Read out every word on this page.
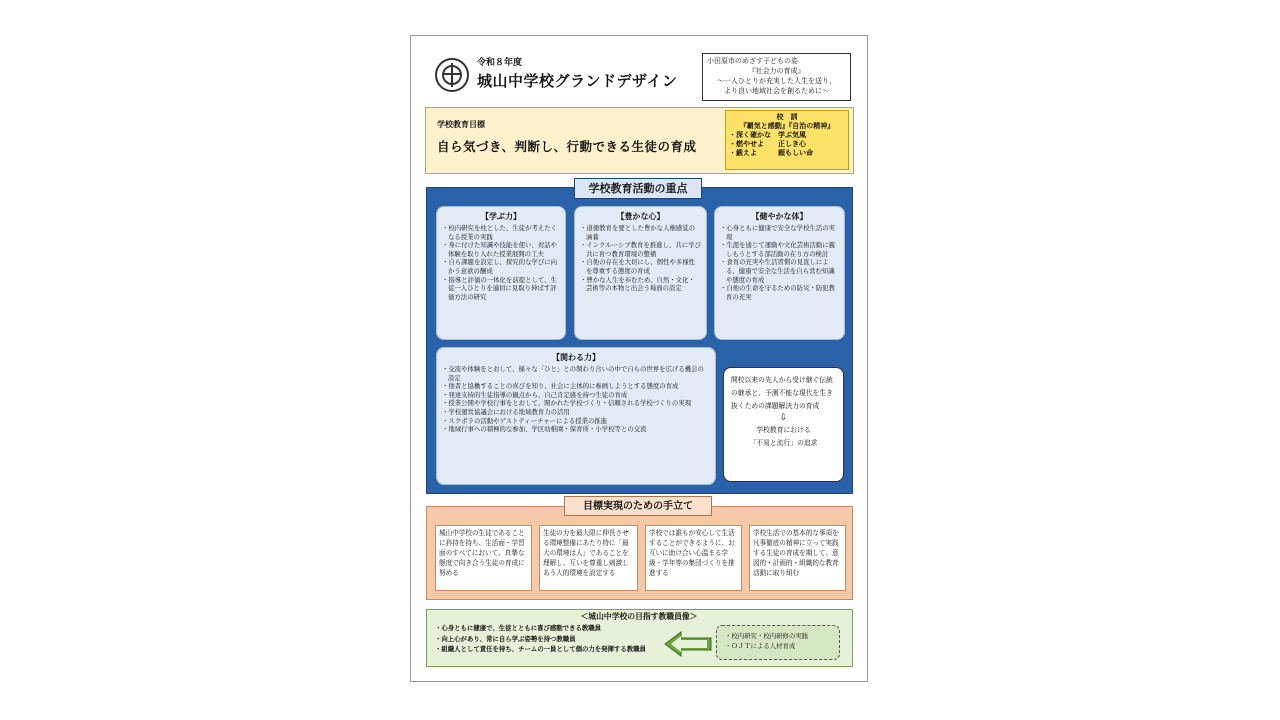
令和８年度
城山中学校グランドデザイン
小田原市のめざす子どもの姿
『社会力の育成』
～一人ひとりが充実した人生を送り、
より良い地域社会を創るために～
学校教育目標
自ら気づき、判断し、行動できる生徒の育成
校　訓
『覇気と感動』『自治の精神』
・深く確かな　学ぶ気風
・燃やせよ　　正しき心
・鍛えよ　　　頼もしい命
学校教育活動の重点
【学ぶ力】
・校内研究を柱とした、生徒が考えたくなる授業の実践
・身に付けた知識や技能を使い、対話や体験を取り入れた授業展開の工夫
・自ら課題を設定し、探究的な学びに向かう意欲の醸成
・指導と評価の一体化を前提として、生徒一人ひとりを適切に見取り伸ばす評価方法の研究
【豊かな心】
・道徳教育を要とした豊かな人権感覚の涵養
・インクルーシブ教育を推進し、共に学び共に育つ教育環境の整備
・自他の存在を大切にし、個性や多様性を尊重する態度の育成
・豊かな人生を歩むため、自然・文化・芸術等の本物と出会う場面の設定
【健やかな体】
・心身ともに健康で安全な学校生活の実現
・生涯を通じて運動や文化芸術活動に親しもうとする部活動の在り方の検討
・食育の充実や生活習慣の見直しによる、健康で安全な生活を自ら営む知識や態度の育成
・自他の生命を守るための防災・防犯教育の充実
【関わる力】
・交流や体験をとおして、様々な「ひと」との関わり合いの中で自らの世界を広げる機会の設定
・他者と協働することの喜びを知り、社会に主体的に参画しようとする態度の育成
・発達支持的生徒指導の観点から、自己肯定感を持つ生徒の育成
・授業公開や学校行事をとおして、開かれた学校づくり・信頼される学校づくりの実現
・学校運営協議会における地域教育力の活用
・スクポラの活動やゲストティーチャーによる授業の推進
・地域行事への積極的な参加、学区幼稚園・保育所・小学校等との交流
開校以来の先人から受け継ぐ伝統の継承と、予測不能な現代を生き抜くための課題解決力の育成
⇩
学校教育における
「不易と流行」の追求
目標実現のための手立て
城山中学校の生徒であることに矜持を持ち、生活面・学習面のすべてにおいて、真摯な態度で向き合う生徒の育成に努める
生徒の力を最大限に伸長させる環境整備にあたり特に「最大の環境は人」であることを理解し、互いを尊重し刺激しあう人的環境を設定する
学校では誰もが安心して生活することができるように、お互いに助け合い心温まる学級・学年等の集団づくりを推進する
学校生活での基本的な事項を凡事徹底の精神に立って実践する生徒の育成を期して、意図的・計画的・組織的な教育活動に取り組む
＜城山中学校の目指す教職員像＞
・心身ともに健康で、生徒とともに喜び感動できる教職員
・向上心があり、常に自ら学ぶ姿勢を持つ教職員
・組織人として責任を持ち、チームの一員として個の力を発揮する教職員
・校内研究・校内研修の実践
・ＯＪＴによる人材育成
